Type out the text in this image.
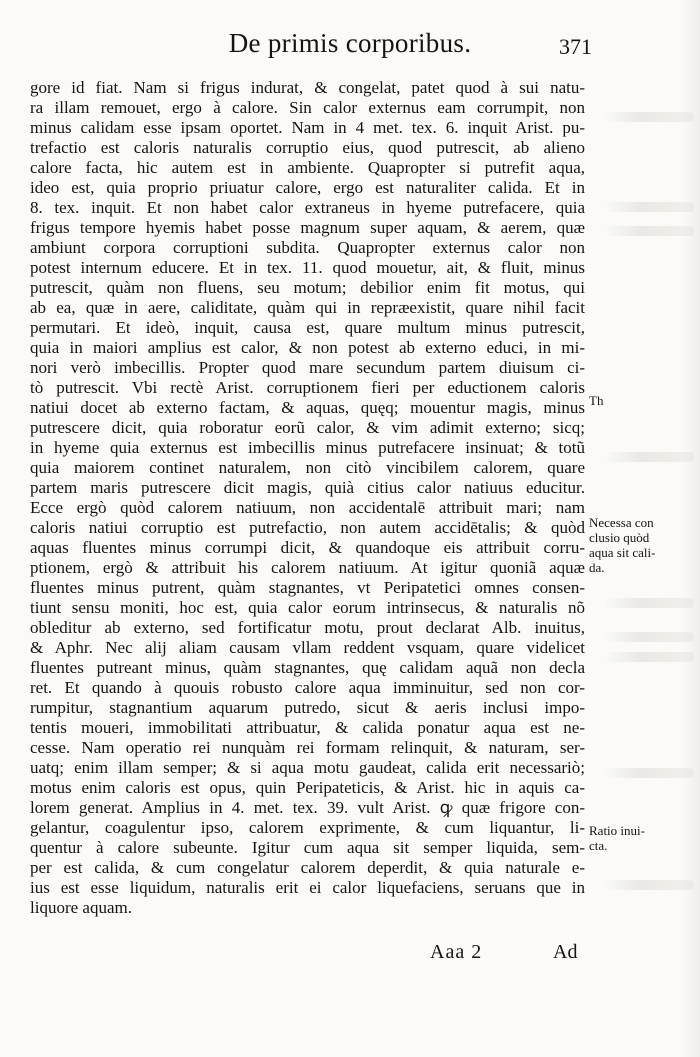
De primis corporibus.	371
gore id fiat. Nam si frigus indurat, & congelat, patet quod à sui natu-
ra illam remouet, ergo à calore. Sin calor externus eam corrumpit, non
minus calidam esse ipsam oportet. Nam in 4 met. tex. 6. inquit Arist. pu-
trefactio est caloris naturalis corruptio eius, quod putrescit, ab alieno
calore facta, hic autem est in ambiente. Quapropter si putrefit aqua,
ideo est, quia proprio priuatur calore, ergo est naturaliter calida. Et in
8. tex. inquit. Et non habet calor extraneus in hyeme putrefacere, quia
frigus tempore hyemis habet posse magnum super aquam, & aerem, quæ
ambiunt corpora corruptioni subdita. Quapropter externus calor non
potest internum educere. Et in tex. 11. quod mouetur, ait, & fluit, minus
putrescit, quàm non fluens, seu motum; debilior enim fit motus, qui
ab ea, quæ in aere, caliditate, quàm qui in repræexistit, quare nihil facit
permutari. Et ideò, inquit, causa est, quare multum minus putrescit,
quia in maiori amplius est calor, & non potest ab externo educi, in mi-
nori verò imbecillis. Propter quod mare secundum partem diuisum ci-
tò putrescit. Vbi rectè Arist. corruptionem fieri per eductionem caloris
natiui docet ab externo factam, & aquas, quęq; mouentur magis, minus
putrescere dicit, quia roboratur eorũ calor, & vim adimit externo; sicq;
in hyeme quia externus est imbecillis minus putrefacere insinuat; & totũ
quia maiorem continet naturalem, non citò vincibilem calorem, quare
partem maris putrescere dicit magis, quià citius calor natiuus educitur.
Ecce ergò quòd calorem natiuum, non accidentalē attribuit mari; nam
caloris natiui corruptio est putrefactio, non autem accidētalis; & quòd
aquas fluentes minus corrumpi dicit, & quandoque eis attribuit corru-
ptionem, ergò & attribuit his calorem natiuum. At igitur quoniã aquæ
fluentes minus putrent, quàm stagnantes, vt Peripatetici omnes consen-
tiunt sensu moniti, hoc est, quia calor eorum intrinsecus, & naturalis nõ
obleditur ab externo, sed fortificatur motu, prout declarat Alb. inuitus,
& Aphr. Nec alij aliam causam vllam reddent vsquam, quare videlicet
fluentes putreant minus, quàm stagnantes, quę calidam aquã non decla
ret. Et quando à quouis robusto calore aqua imminuitur, sed non cor-
rumpitur, stagnantium aquarum putredo, sicut & aeris inclusi impo-
tentis moueri, immobilitati attribuatur, & calida ponatur aqua est ne-
cesse. Nam operatio rei nunquàm rei formam relinquit, & naturam, ser-
uatq; enim illam semper; & si aqua motu gaudeat, calida erit necessariò;
motus enim caloris est opus, quin Peripateticis, & Arist. hic in aquis ca-
lorem generat. Amplius in 4. met. tex. 39. vult Arist. ꝙ quæ frigore con-
gelantur, coagulentur ipso, calorem exprimente, & cum liquantur, li-
quentur à calore subeunte. Igitur cum aqua sit semper liquida, sem-
per est calida, & cum congelatur calorem deperdit, & quia naturale e-
ius est esse liquidum, naturalis erit ei calor liquefaciens, seruans que in
liquore aquam.
Th
Necessa con
clusio quòd
aqua sit cali-
da.
Ratio inui-
cta.
Aaa 2	Ad
